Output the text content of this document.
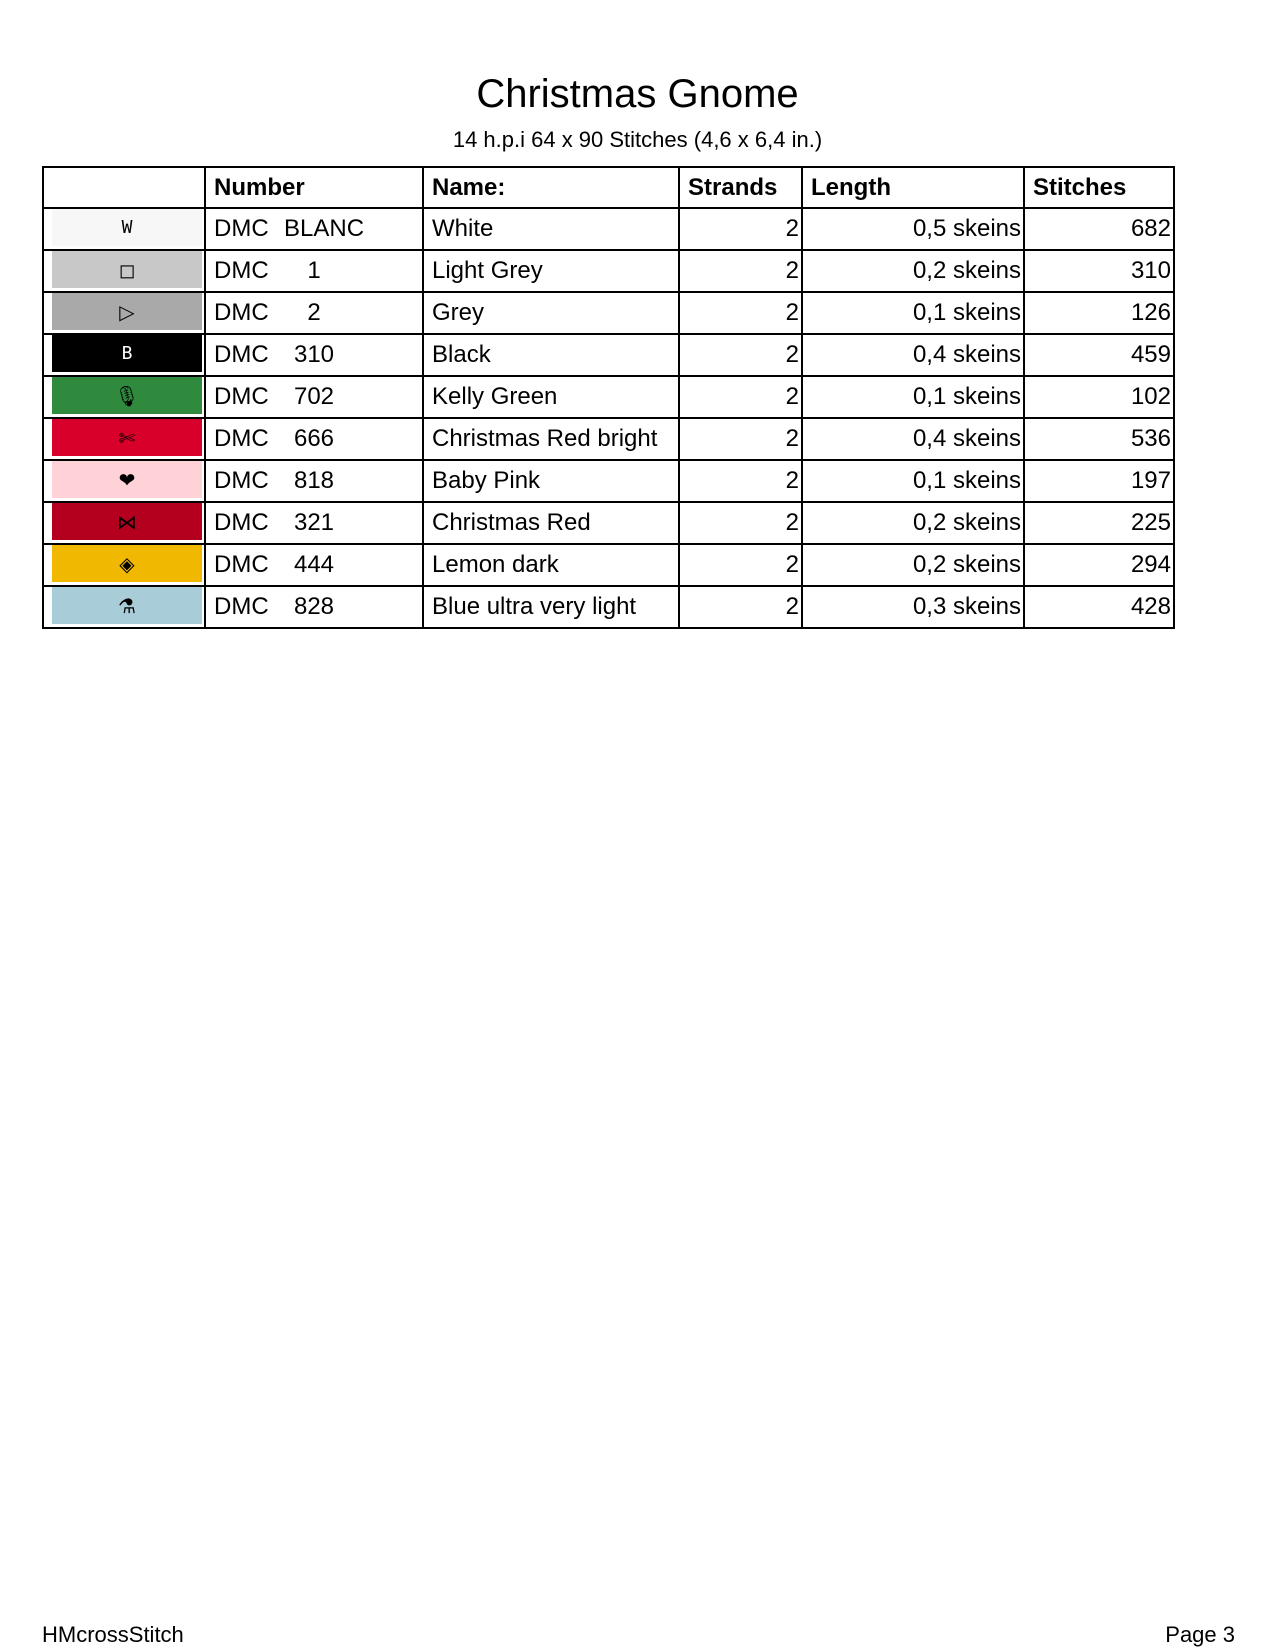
Christmas Gnome
14 h.p.i 64 x 90 Stitches (4,6 x 6,4 in.)
	Number	Name:	Strands	Length	Stitches

W	DMC BLANC	White	2	0,5 skeins	682

◻	DMC 1	Light Grey	2	0,2 skeins	310

▷	DMC 2	Grey	2	0,1 skeins	126

B	DMC 310	Black	2	0,4 skeins	459

🎙	DMC 702	Kelly Green	2	0,1 skeins	102

✄	DMC 666	Christmas Red bright	2	0,4 skeins	536

❤	DMC 818	Baby Pink	2	0,1 skeins	197

⋈	DMC 321	Christmas Red	2	0,2 skeins	225

◈	DMC 444	Lemon dark	2	0,2 skeins	294

⚗	DMC 828	Blue ultra very light	2	0,3 skeins	428
HMcrossStitch	Page 3
